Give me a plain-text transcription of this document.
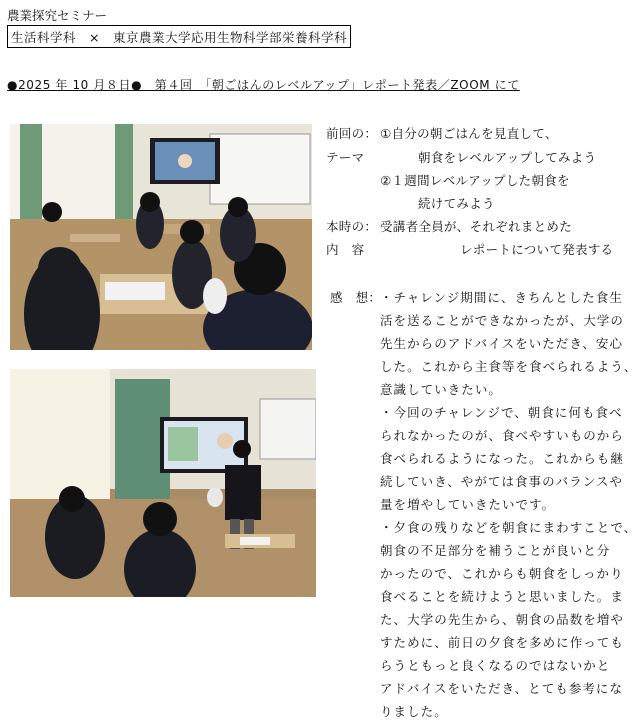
農業探究セミナー
生活科学科　×　東京農業大学応用生物科学部栄養科学科
●2025 年 10 月８日●　第４回　「朝ごはんのレベルアップ」レポート発表／ZOOM にて
前回の： ①自分の朝ごはんを見直して、
テーマ	朝食をレベルアップしてみよう
②１週間レベルアップした朝食を
続けてみよう
本時の： 受講者全員が、それぞれまとめた
内　容	レポートについて発表する
感　想：
・チャレンジ期間に、きちんとした食生
活を送ることができなかったが、大学の
先生からのアドバイスをいただき、安心
した。これから主食等を食べられるよう、
意識していきたい。
・今回のチャレンジで、朝食に何も食べ
られなかったのが、食べやすいものから
食べられるようになった。これからも継
続していき、やがては食事のバランスや
量を増やしていきたいです。
・夕食の残りなどを朝食にまわすことで、
朝食の不足部分を補うことが良いと分
かったので、これからも朝食をしっかり
食べることを続けようと思いました。ま
た、大学の先生から、朝食の品数を増や
すために、前日の夕食を多めに作っても
らうともっと良くなるのではないかと
アドバイスをいただき、とても参考にな
りました。
